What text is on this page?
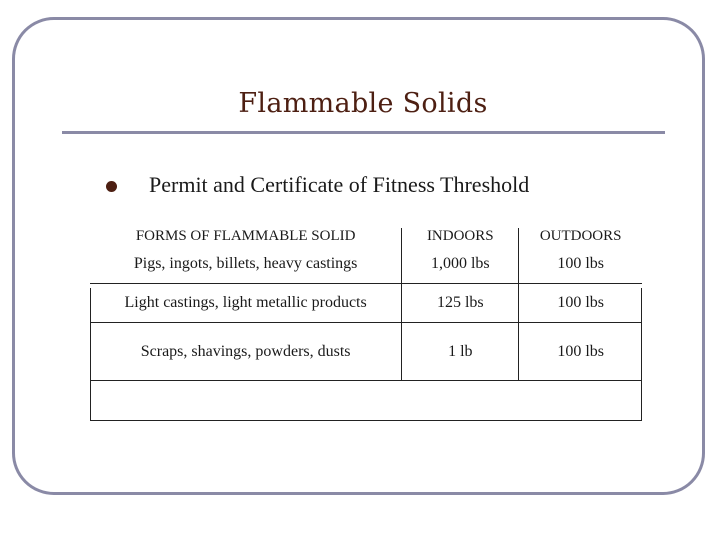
Flammable Solids
Permit and Certificate of Fitness Threshold
FORMS OF FLAMMABLE SOLID	INDOORS	OUTDOORS
Pigs, ingots, billets, heavy castings	1,000 lbs	100 lbs
Light castings, light metallic products	125 lbs	100 lbs
Scraps, shavings, powders, dusts	1 lb	100 lbs
